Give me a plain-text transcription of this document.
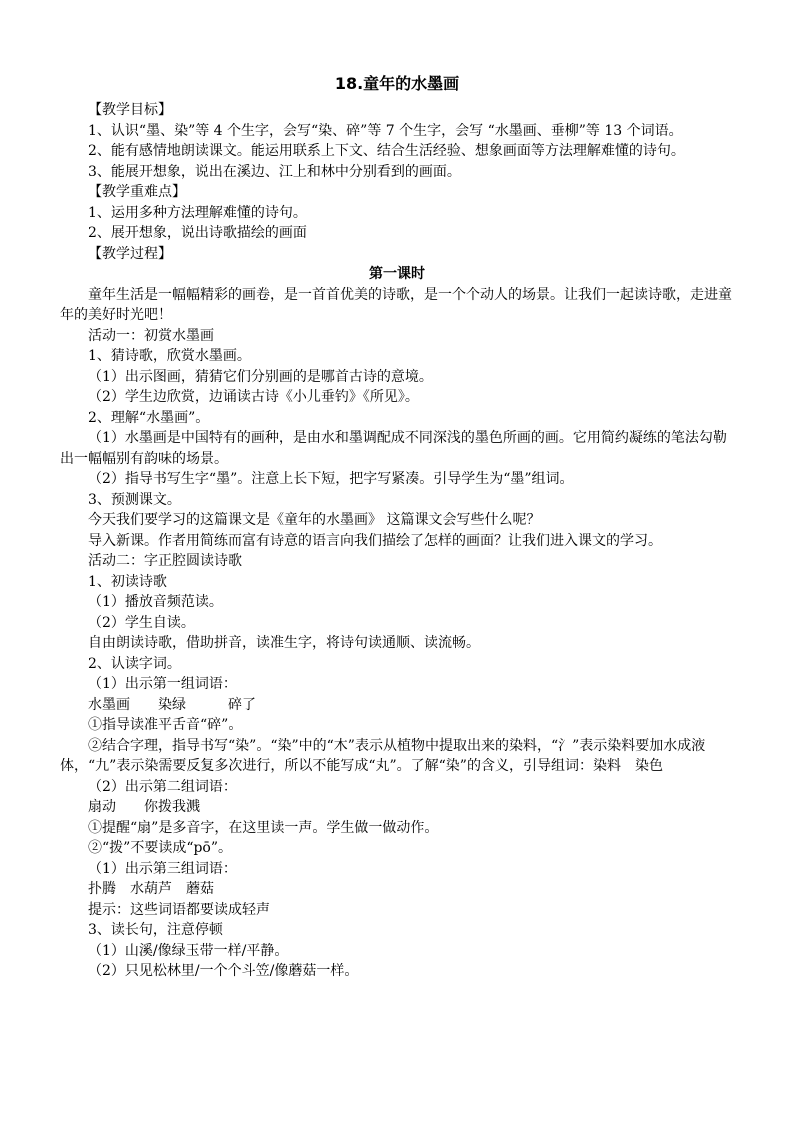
18.童年的水墨画

【教学目标】

1、认识“墨、染”等 4 个生字，会写“染、碎”等 7 个生字，会写 “水墨画、垂柳”等 13 个词语。

2、能有感情地朗读课文。能运用联系上下文、结合生活经验、想象画面等方法理解难懂的诗句。

3、能展开想象，说出在溪边、江上和林中分别看到的画面。

【教学重难点】

1、运用多种方法理解难懂的诗句。

2、展开想象，说出诗歌描绘的画面

【教学过程】

第一课时

童年生活是一幅幅精彩的画卷，是一首首优美的诗歌，是一个个动人的场景。让我们一起读诗歌，走进童年的美好时光吧！

活动一：初赏水墨画

1、猜诗歌，欣赏水墨画。

（1）出示图画，猜猜它们分别画的是哪首古诗的意境。

（2）学生边欣赏，边诵读古诗《小儿垂钓》《所见》。

2、理解“水墨画”。

（1）水墨画是中国特有的画种，是由水和墨调配成不同深浅的墨色所画的画。它用简约凝练的笔法勾勒出一幅幅别有韵味的场景。

（2）指导书写生字“墨”。注意上长下短，把字写紧凑。引导学生为“墨”组词。

3、预测课文。

今天我们要学习的这篇课文是《童年的水墨画》 这篇课文会写些什么呢？

导入新课。作者用简练而富有诗意的语言向我们描绘了怎样的画面？让我们进入课文的学习。

活动二：字正腔圆读诗歌

1、初读诗歌

（1）播放音频范读。

（2）学生自读。

自由朗读诗歌，借助拼音，读准生字，将诗句读通顺、读流畅。

2、认读字词。

（1）出示第一组词语：

水墨画　　染绿　　　碎了

①指导读准平舌音“碎”。

②结合字理，指导书写“染”。“染”中的“木”表示从植物中提取出来的染料，“氵”表示染料要加水成液体，“九”表示染需要反复多次进行，所以不能写成“丸”。了解“染”的含义，引导组词：染料　染色

（2）出示第二组词语：

扇动　　你拨我溅

①提醒“扇”是多音字，在这里读一声。学生做一做动作。

②“拨”不要读成“pō”。

（1）出示第三组词语：

扑腾　水葫芦　蘑菇

提示：这些词语都要读成轻声

3、读长句，注意停顿

（1）山溪/像绿玉带一样/平静。

（2）只见松林里/一个个斗笠/像蘑菇一样。
